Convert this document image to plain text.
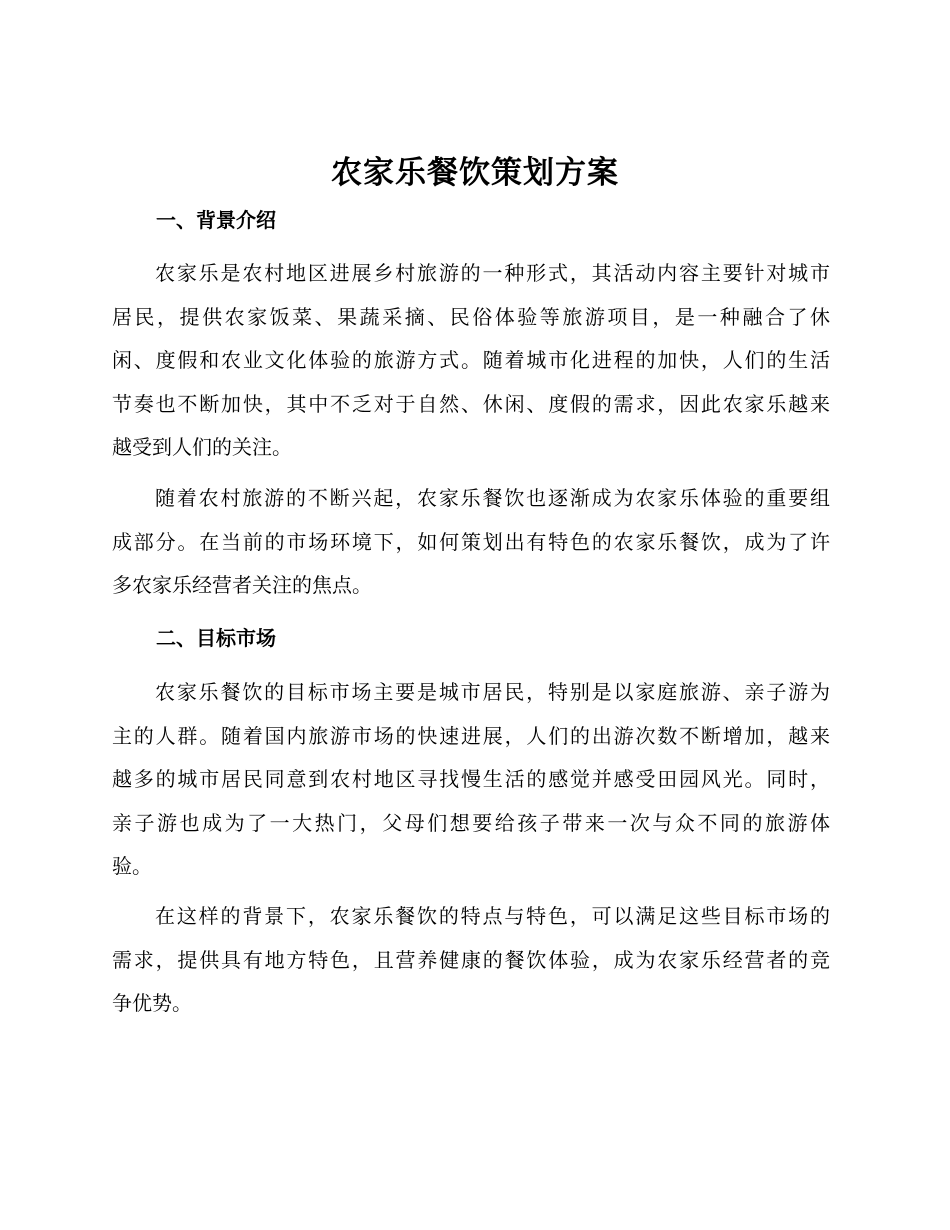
农家乐餐饮策划方案
一、背景介绍
农家乐是农村地区进展乡村旅游的一种形式，其活动内容主要针对城市
居民，提供农家饭菜、果蔬采摘、民俗体验等旅游项目，是一种融合了休
闲、度假和农业文化体验的旅游方式。随着城市化进程的加快，人们的生活
节奏也不断加快，其中不乏对于自然、休闲、度假的需求，因此农家乐越来
越受到人们的关注。
随着农村旅游的不断兴起，农家乐餐饮也逐渐成为农家乐体验的重要组
成部分。在当前的市场环境下，如何策划出有特色的农家乐餐饮，成为了许
多农家乐经营者关注的焦点。
二、目标市场
农家乐餐饮的目标市场主要是城市居民，特别是以家庭旅游、亲子游为
主的人群。随着国内旅游市场的快速进展，人们的出游次数不断增加，越来
越多的城市居民同意到农村地区寻找慢生活的感觉并感受田园风光。同时，
亲子游也成为了一大热门，父母们想要给孩子带来一次与众不同的旅游体
验。
在这样的背景下，农家乐餐饮的特点与特色，可以满足这些目标市场的
需求，提供具有地方特色，且营养健康的餐饮体验，成为农家乐经营者的竞
争优势。
